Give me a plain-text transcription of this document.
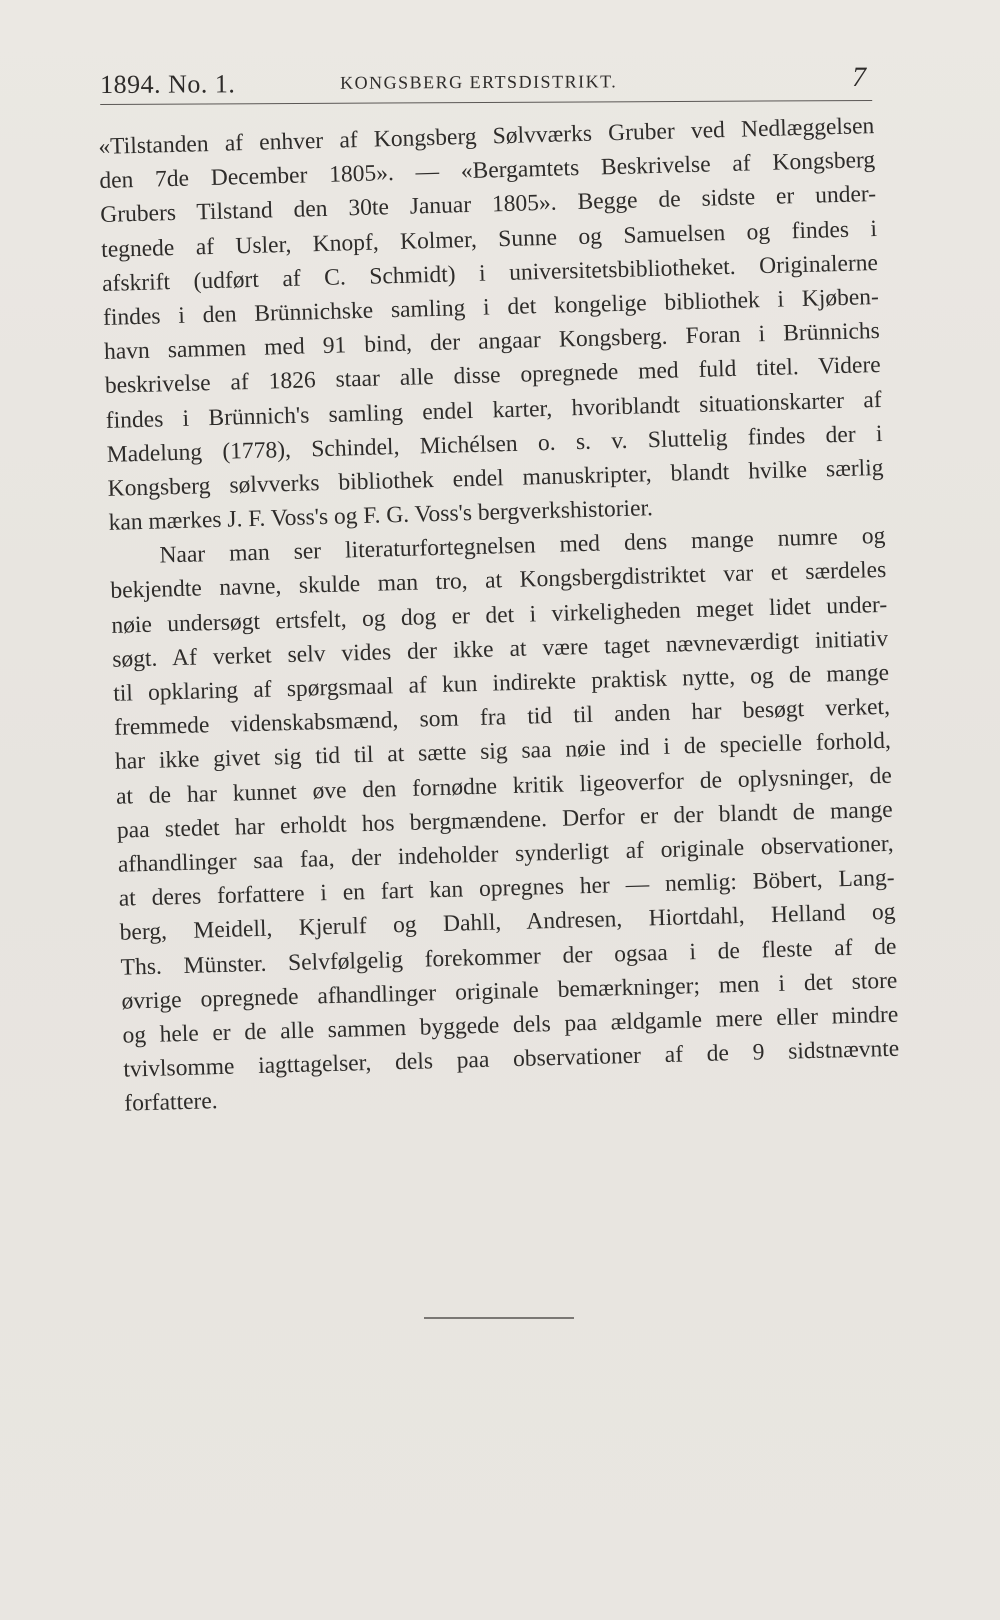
1894. No. 1.	KONGSBERG ERTSDISTRIKT.	7
«Tilstanden af enhver af Kongsberg Sølvværks Gruber ved Nedlæggelsen
den 7de December 1805». — «Bergamtets Beskrivelse af Kongsberg
Grubers Tilstand den 30te Januar 1805». Begge de sidste er under-
tegnede af Usler, Knopf, Kolmer, Sunne og Samuelsen og findes i
afskrift (udført af C. Schmidt) i universitetsbibliotheket. Originalerne
findes i den Brünnichske samling i det kongelige bibliothek i Kjøben-
havn sammen med 91 bind, der angaar Kongsberg. Foran i Brünnichs
beskrivelse af 1826 staar alle disse opregnede med fuld titel. Videre
findes i Brünnich's samling endel karter, hvoriblandt situationskarter af
Madelung (1778), Schindel, Michélsen o. s. v. Sluttelig findes der i
Kongsberg sølvverks bibliothek endel manuskripter, blandt hvilke særlig
kan mærkes J. F. Voss's og F. G. Voss's bergverkshistorier.
Naar man ser literaturfortegnelsen med dens mange numre og
bekjendte navne, skulde man tro, at Kongsbergdistriktet var et særdeles
nøie undersøgt ertsfelt, og dog er det i virkeligheden meget lidet under-
søgt. Af verket selv vides der ikke at være taget nævneværdigt initiativ
til opklaring af spørgsmaal af kun indirekte praktisk nytte, og de mange
fremmede videnskabsmænd, som fra tid til anden har besøgt verket,
har ikke givet sig tid til at sætte sig saa nøie ind i de specielle forhold,
at de har kunnet øve den fornødne kritik ligeoverfor de oplysninger, de
paa stedet har erholdt hos bergmændene. Derfor er der blandt de mange
afhandlinger saa faa, der indeholder synderligt af originale observationer,
at deres forfattere i en fart kan opregnes her — nemlig: Böbert, Lang-
berg, Meidell, Kjerulf og Dahll, Andresen, Hiortdahl, Helland og
Ths. Münster. Selvfølgelig forekommer der ogsaa i de fleste af de
øvrige opregnede afhandlinger originale bemærkninger; men i det store
og hele er de alle sammen byggede dels paa ældgamle mere eller mindre
tvivlsomme iagttagelser, dels paa observationer af de 9 sidstnævnte
forfattere.
